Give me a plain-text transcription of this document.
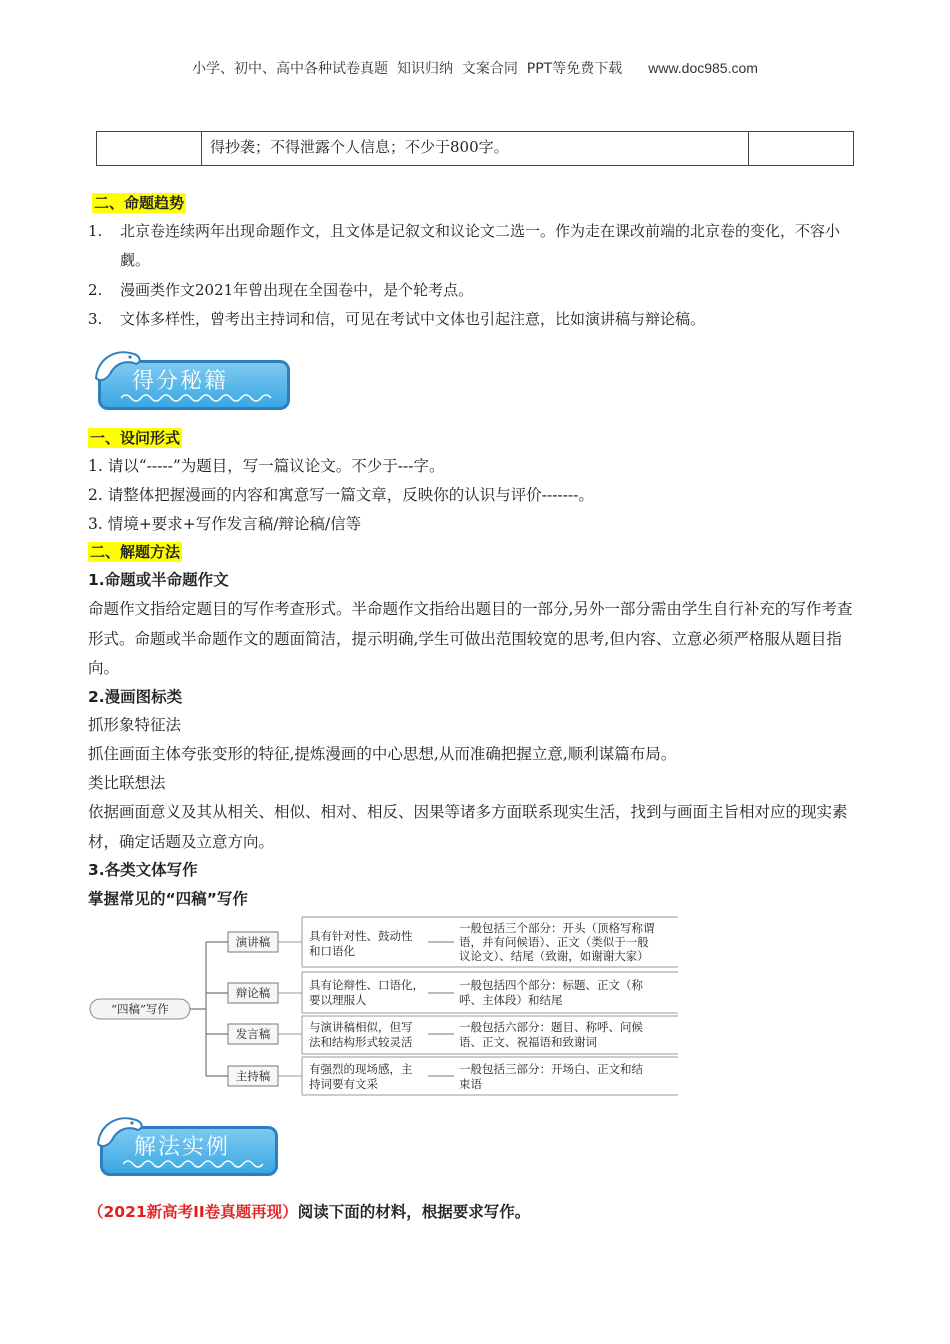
小学、初中、高中各种试卷真题  知识归纳  文案合同  PPT等免费下载 www.doc985.com
	得抄袭；不得泄露个人信息；不少于800字。	
二、命题趋势
1.	北京卷连续两年出现命题作文，且文体是记叙文和议论文二选一。作为走在课改前端的北京卷的变化，不容小觑。
2.	漫画类作文2021年曾出现在全国卷中，是个轮考点。
3.	文体多样性，曾考出主持词和信，可见在考试中文体也引起注意，比如演讲稿与辩论稿。
得分秘籍
一、设问形式
1. 请以“-----”为题目，写一篇议论文。不少于---字。
2. 请整体把握漫画的内容和寓意写一篇文章，反映你的认识与评价-------。
3. 情境+要求+写作发言稿/辩论稿/信等
二、解题方法
1.命题或半命题作文
命题作文指给定题目的写作考查形式。半命题作文指给出题目的一部分,另外一部分需由学生自行补充的写作考查形式。命题或半命题作文的题面简洁，提示明确,学生可做出范围较宽的思考,但内容、立意必须严格服从题目指向。
2.漫画图标类
抓形象特征法
抓住画面主体夸张变形的特征,提炼漫画的中心思想,从而准确把握立意,顺利谋篇布局。
类比联想法
依据画面意义及其从相关、相似、相对、相反、因果等诸多方面联系现实生活，找到与画面主旨相对应的现实素材，确定话题及立意方向。
3.各类文体写作
掌握常见的“四稿”写作
“四稿”写作
演讲稿	具有针对性、鼓动性
和口语化
一般包括三个部分：开头（顶格写称谓
语，并有问候语）、正文（类似于一般
议论文）、结尾（致谢，如谢谢大家）
辩论稿
具有论辩性、口语化，
要以理服人
一般包括四个部分：标题、正文（称
呼、主体段）和结尾
发言稿	与演讲稿相似，但写
法和结构形式较灵活
一般包括六部分：题目、称呼、问候
语、正文、祝福语和致谢词
主持稿	有强烈的现场感，主
持词要有文采
一般包括三部分：开场白、正文和结
束语
解法实例
（2021新高考II卷真题再现）阅读下面的材料，根据要求写作。
